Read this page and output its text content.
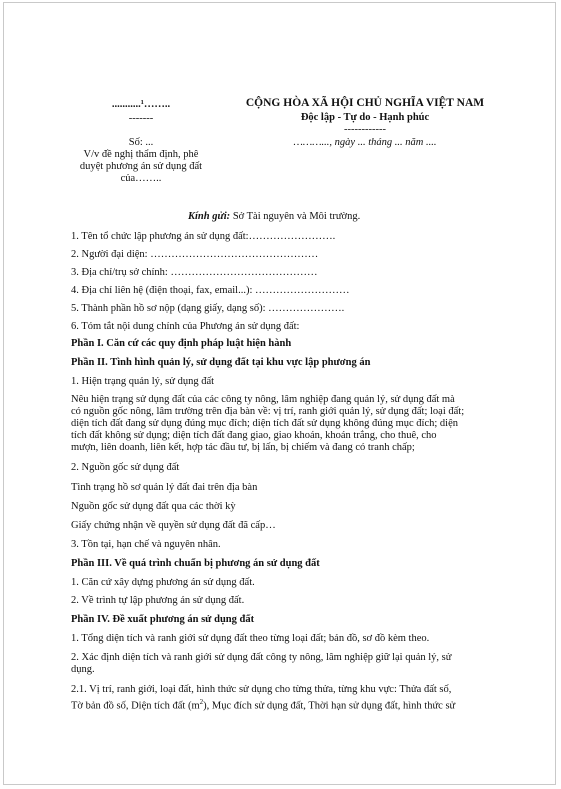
...........¹……..
-------
Số: ...
V/v đề nghị thẩm định, phê
duyệt phương án sử dụng đất
của……..
CỘNG HÒA XÃ HỘI CHỦ NGHĨA VIỆT NAM
Độc lập - Tự do - Hạnh phúc
------------
………..., ngày ... tháng ... năm ....
Kính gửi: Sở Tài nguyên và Môi trường.
1. Tên tổ chức lập phương án sử dụng đất:…………………….
2. Người đại diện: …………………………………………
3. Địa chỉ/trụ sở chính: ……………………………………
4. Địa chỉ liên hệ (điện thoại, fax, email...): ………………………
5. Thành phần hồ sơ nộp (dạng giấy, dạng số): ………………….
6. Tóm tắt nội dung chính của Phương án sử dụng đất:
Phần I. Căn cứ các quy định pháp luật hiện hành
Phần II. Tình hình quản lý, sử dụng đất tại khu vực lập phương án
1. Hiện trạng quản lý, sử dụng đất
Nêu hiện trạng sử dụng đất của các công ty nông, lâm nghiệp đang quản lý, sử dụng đất mà
có nguồn gốc nông, lâm trường trên địa bàn về: vị trí, ranh giới quản lý, sử dụng đất; loại đất;
diện tích đất đang sử dụng đúng mục đích; diện tích đất sử dụng không đúng mục đích; diện
tích đất không sử dụng; diện tích đất đang giao, giao khoán, khoán trắng, cho thuê, cho
mượn, liên doanh, liên kết, hợp tác đầu tư, bị lấn, bị chiếm và đang có tranh chấp;
2. Nguồn gốc sử dụng đất
Tình trạng hồ sơ quản lý đất đai trên địa bàn
Nguồn gốc sử dụng đất qua các thời kỳ
Giấy chứng nhận về quyền sử dụng đất đã cấp…
3. Tồn tại, hạn chế và nguyên nhân.
Phần III. Về quá trình chuẩn bị phương án sử dụng đất
1. Căn cứ xây dựng phương án sử dụng đất.
2. Về trình tự lập phương án sử dụng đất.
Phần IV. Đề xuất phương án sử dụng đất
1. Tổng diện tích và ranh giới sử dụng đất theo từng loại đất; bản đồ, sơ đồ kèm theo.
2. Xác định diện tích và ranh giới sử dụng đất công ty nông, lâm nghiệp giữ lại quản lý, sử
dụng.
2.1. Vị trí, ranh giới, loại đất, hình thức sử dụng cho từng thửa, từng khu vực: Thửa đất số,
Tờ bản đồ số, Diện tích đất $(m^2)$, Mục đích sử dụng đất, Thời hạn sử dụng đất, hình thức sử
